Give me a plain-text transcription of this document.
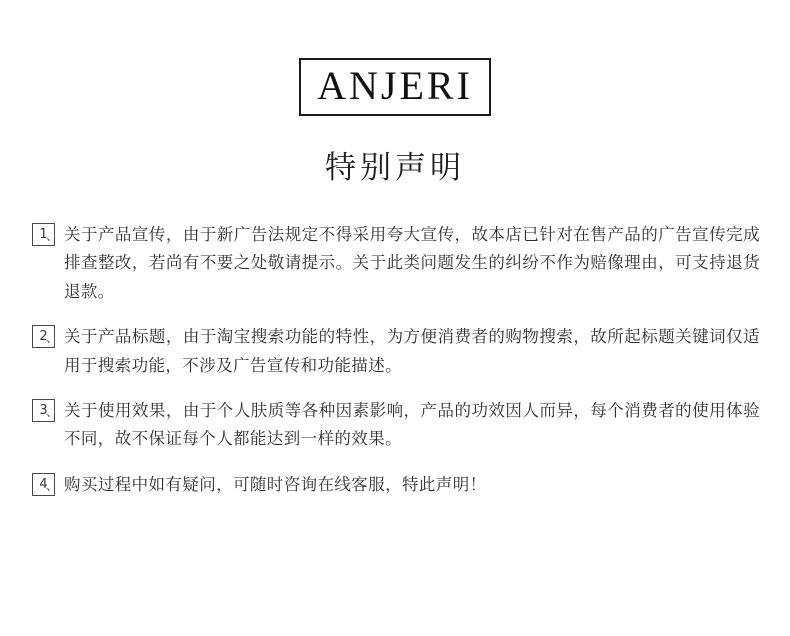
ANJERI
特别声明
1
、 关于产品宣传，由于新广告法规定不得采用夸大宣传，故本店已针对在售产品的广告宣传完成排查整改，若尚有不要之处敬请提示。关于此类问题发生的纠纷不作为赔像理由，可支持退货退款。
2
、 关于产品标题，由于淘宝搜索功能的特性，为方便消费者的购物搜索，故所起标题关键词仅适用于搜索功能，不涉及广告宣传和功能描述。
3
、 关于使用效果，由于个人肤质等各种因素影响，产品的功效因人而异，每个消费者的使用体验不同，故不保证每个人都能达到一样的效果。
4
、 购买过程中如有疑问，可随时咨询在线客服，特此声明！
